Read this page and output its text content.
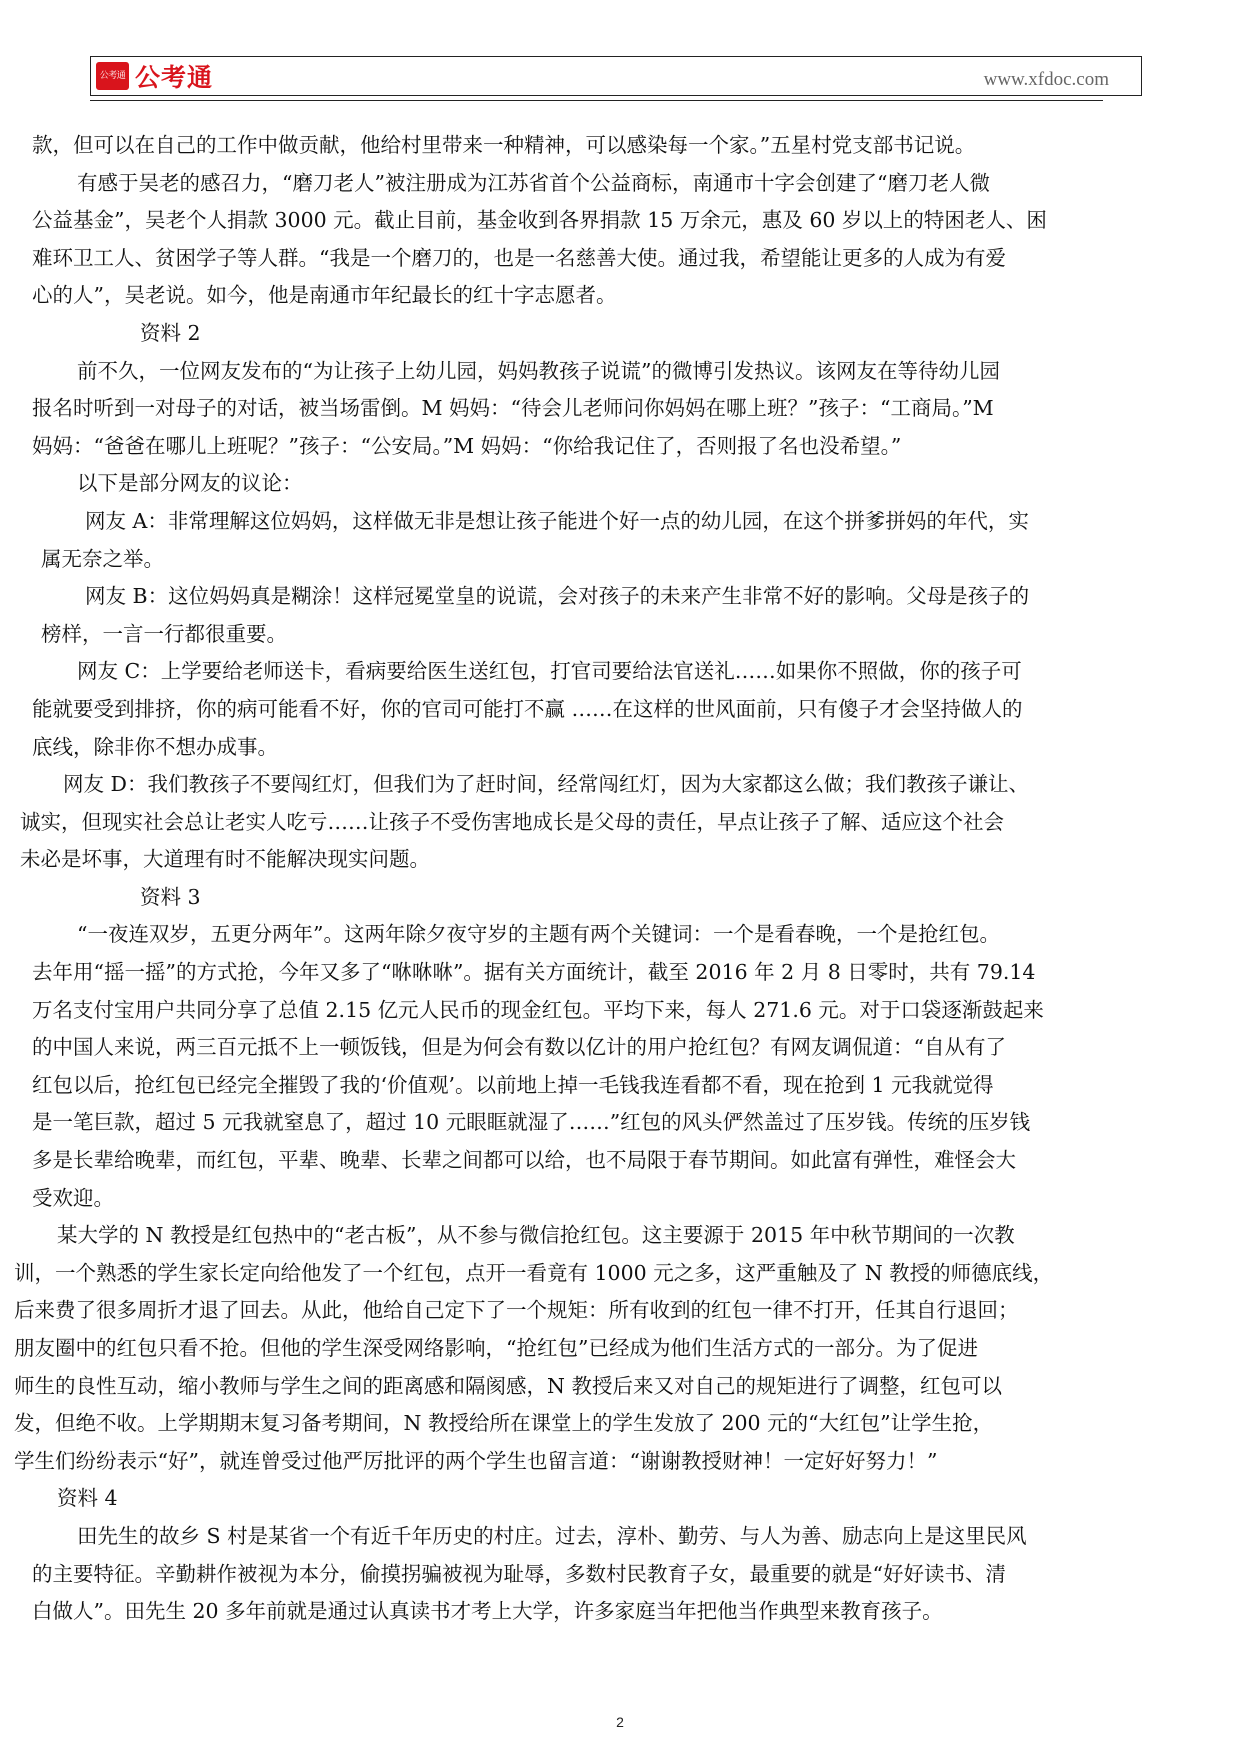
公考通 公考通	www.xfdoc.com
款，但可以在自己的工作中做贡献，他给村里带来一种精神，可以感染每一个家。”五星村党支部书记说。
有感于吴老的感召力，“磨刀老人”被注册成为江苏省首个公益商标，南通市十字会创建了“磨刀老人微
公益基金”，吴老个人捐款 3000 元。截止目前，基金收到各界捐款 15 万余元，惠及 60 岁以上的特困老人、困
难环卫工人、贫困学子等人群。“我是一个磨刀的，也是一名慈善大使。通过我，希望能让更多的人成为有爱
心的人”，吴老说。如今，他是南通市年纪最长的红十字志愿者。
资料 2
前不久，一位网友发布的“为让孩子上幼儿园，妈妈教孩子说谎”的微博引发热议。该网友在等待幼儿园
报名时听到一对母子的对话，被当场雷倒。M 妈妈：“待会儿老师问你妈妈在哪上班？”孩子：“工商局。”M
妈妈：“爸爸在哪儿上班呢？”孩子：“公安局。”M 妈妈：“你给我记住了，否则报了名也没希望。”
以下是部分网友的议论：
网友 A：非常理解这位妈妈，这样做无非是想让孩子能进个好一点的幼儿园，在这个拼爹拼妈的年代，实
属无奈之举。
网友 B：这位妈妈真是糊涂！这样冠冕堂皇的说谎，会对孩子的未来产生非常不好的影响。父母是孩子的
榜样，一言一行都很重要。
网友 C：上学要给老师送卡，看病要给医生送红包，打官司要给法官送礼……如果你不照做，你的孩子可
能就要受到排挤，你的病可能看不好，你的官司可能打不赢 ……在这样的世风面前，只有傻子才会坚持做人的
底线，除非你不想办成事。
网友 D：我们教孩子不要闯红灯，但我们为了赶时间，经常闯红灯，因为大家都这么做；我们教孩子谦让、
诚实，但现实社会总让老实人吃亏……让孩子不受伤害地成长是父母的责任，早点让孩子了解、适应这个社会
未必是坏事，大道理有时不能解决现实问题。
资料 3
“一夜连双岁，五更分两年”。这两年除夕夜守岁的主题有两个关键词：一个是看春晚，一个是抢红包。
去年用“摇一摇”的方式抢，今年又多了“咻咻咻”。据有关方面统计，截至 2016 年 2 月 8 日零时，共有 79.14
万名支付宝用户共同分享了总值 2.15 亿元人民币的现金红包。平均下来，每人 271.6 元。对于口袋逐渐鼓起来
的中国人来说，两三百元抵不上一顿饭钱，但是为何会有数以亿计的用户抢红包？有网友调侃道：“自从有了
红包以后，抢红包已经完全摧毁了我的‘价值观’。以前地上掉一毛钱我连看都不看，现在抢到 1 元我就觉得
是一笔巨款，超过 5 元我就窒息了，超过 10 元眼眶就湿了……”红包的风头俨然盖过了压岁钱。传统的压岁钱
多是长辈给晚辈，而红包，平辈、晚辈、长辈之间都可以给，也不局限于春节期间。如此富有弹性，难怪会大
受欢迎。
某大学的 N 教授是红包热中的“老古板”，从不参与微信抢红包。这主要源于 2015 年中秋节期间的一次教
训，一个熟悉的学生家长定向给他发了一个红包，点开一看竟有 1000 元之多，这严重触及了 N 教授的师德底线，
后来费了很多周折才退了回去。从此，他给自己定下了一个规矩：所有收到的红包一律不打开，任其自行退回；
朋友圈中的红包只看不抢。但他的学生深受网络影响，“抢红包”已经成为他们生活方式的一部分。为了促进
师生的良性互动，缩小教师与学生之间的距离感和隔阂感，N 教授后来又对自己的规矩进行了调整，红包可以
发，但绝不收。上学期期末复习备考期间，N 教授给所在课堂上的学生发放了 200 元的“大红包”让学生抢，
学生们纷纷表示“好”，就连曾受过他严厉批评的两个学生也留言道：“谢谢教授财神！一定好好努力！”
资料 4
田先生的故乡 S 村是某省一个有近千年历史的村庄。过去，淳朴、勤劳、与人为善、励志向上是这里民风
的主要特征。辛勤耕作被视为本分，偷摸拐骗被视为耻辱，多数村民教育子女，最重要的就是“好好读书、清
白做人”。田先生 20 多年前就是通过认真读书才考上大学，许多家庭当年把他当作典型来教育孩子。
2
